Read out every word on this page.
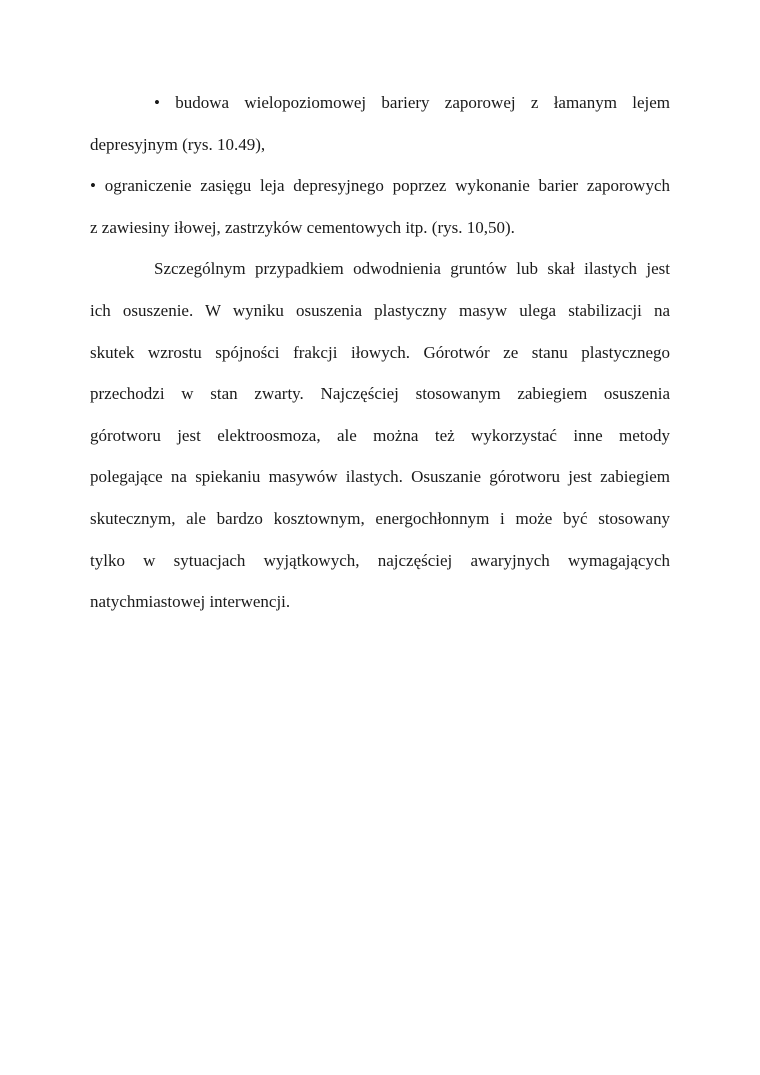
• budowa wielopoziomowej bariery zaporowej z łamanym lejem
depresyjnym (rys. 10.49),
• ograniczenie zasięgu leja depresyjnego poprzez wykonanie barier zaporowych
z zawiesiny iłowej, zastrzyków cementowych itp. (rys. 10,50).
Szczególnym przypadkiem odwodnienia gruntów lub skał ilastych jest
ich osuszenie. W wyniku osuszenia plastyczny masyw ulega stabilizacji na
skutek wzrostu spójności frakcji iłowych. Górotwór ze stanu plastycznego
przechodzi w stan zwarty. Najczęściej stosowanym zabiegiem osuszenia
górotworu jest elektroosmoza, ale można też wykorzystać inne metody
polegające na spiekaniu masywów ilastych. Osuszanie górotworu jest zabiegiem
skutecznym, ale bardzo kosztownym, energochłonnym i może być stosowany
tylko w sytuacjach wyjątkowych, najczęściej awaryjnych wymagających
natychmiastowej interwencji.
